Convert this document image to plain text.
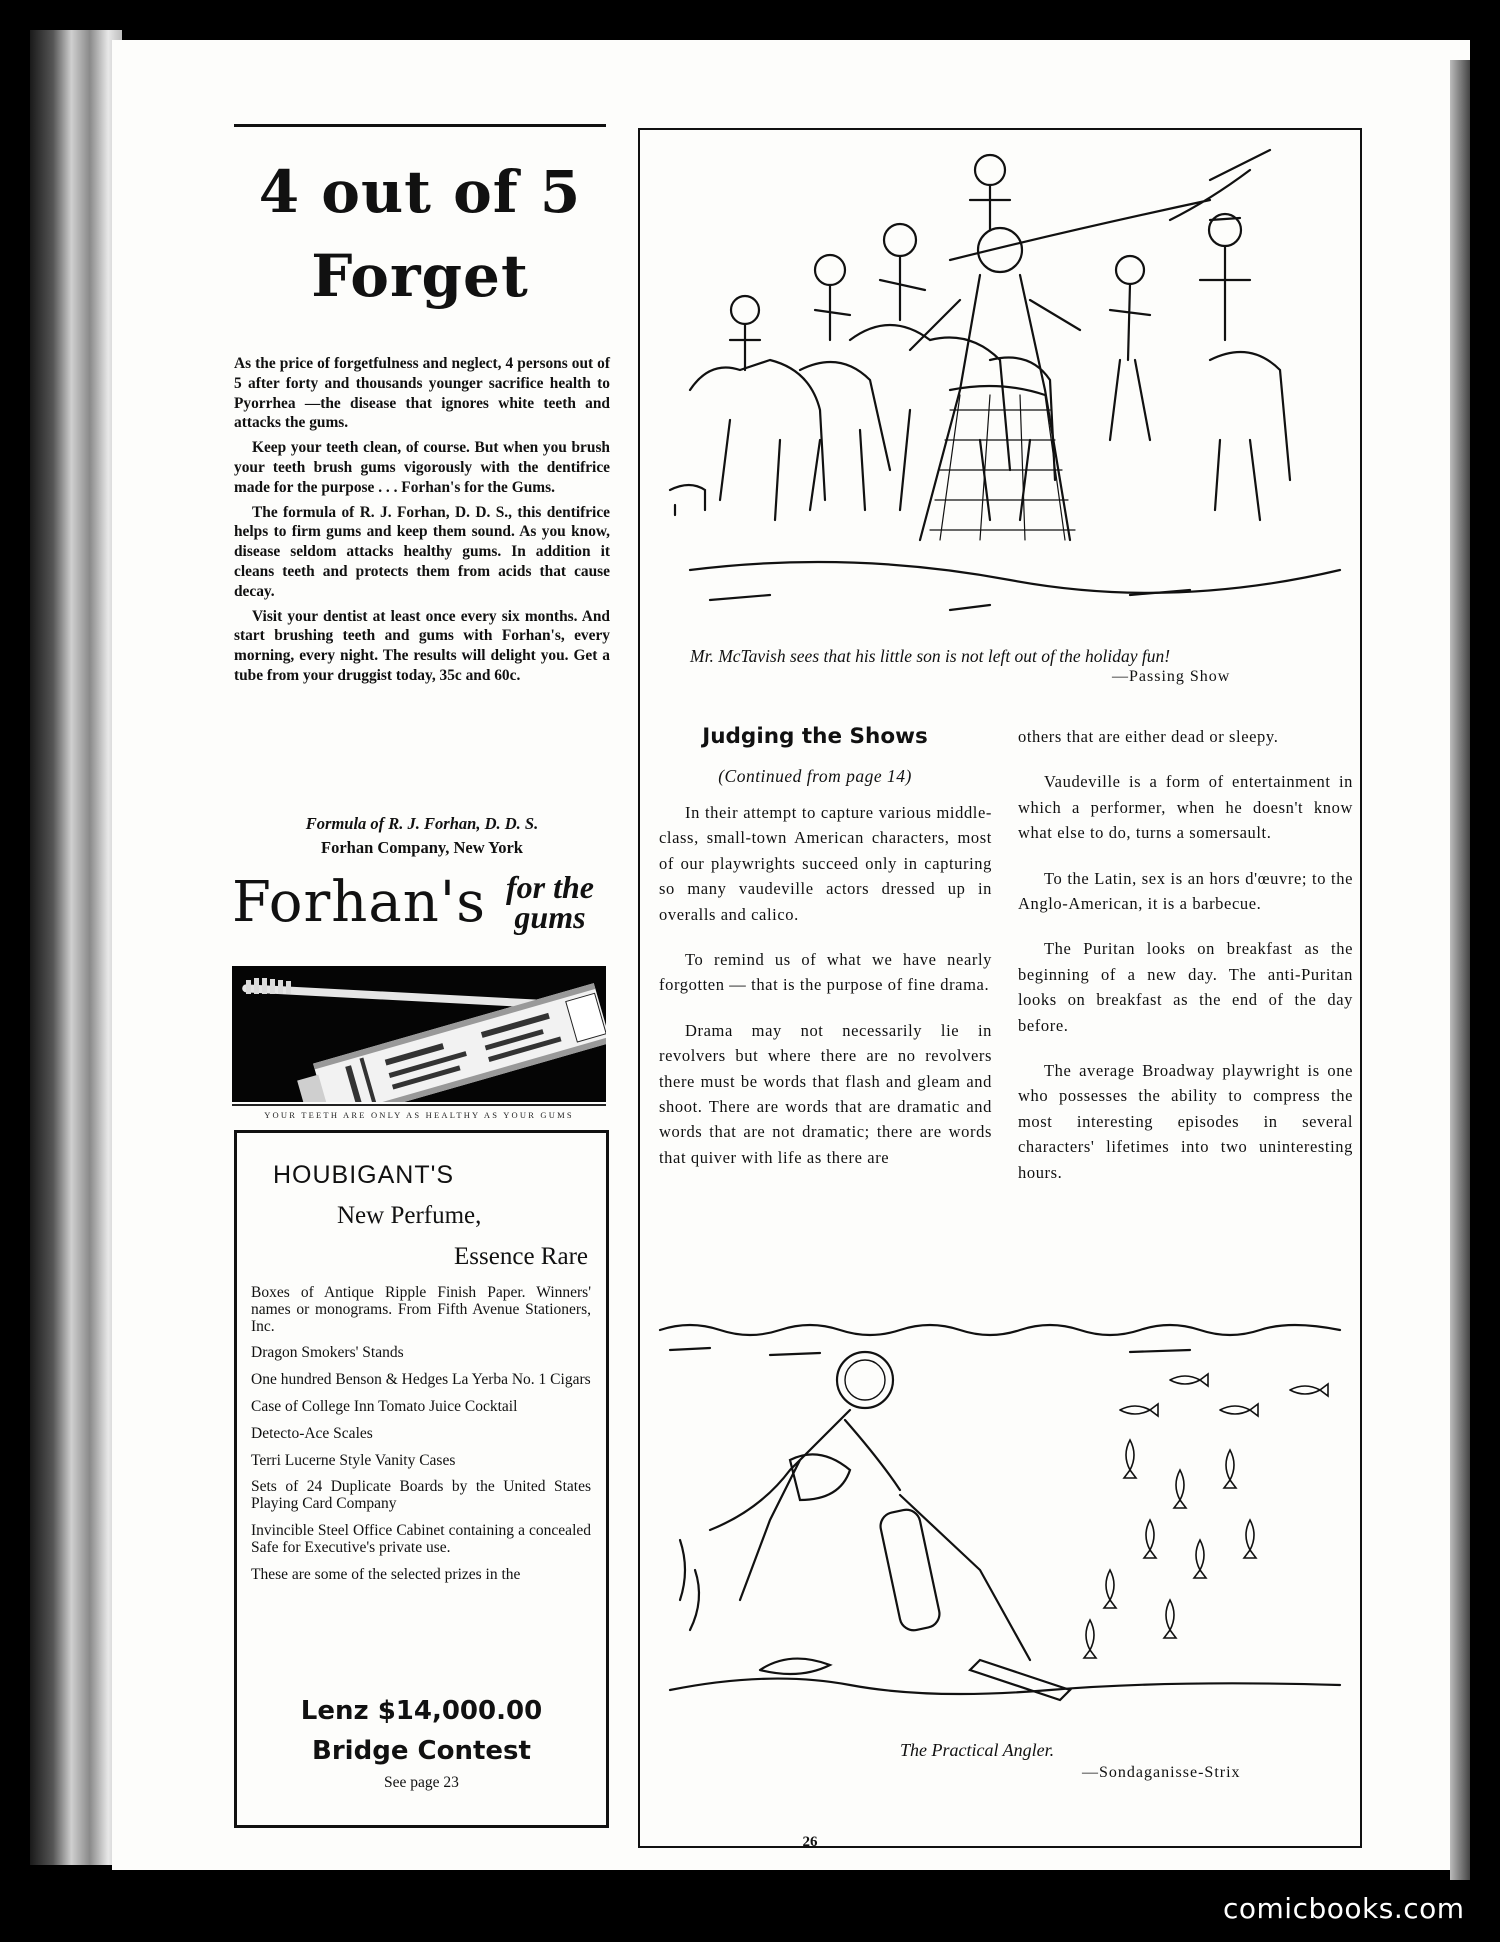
4 out of 5
Forget

As the price of forgetfulness and neglect, 4 persons out of 5 after forty and thousands younger sacrifice health to Pyorrhea —the disease that ignores white teeth and attacks the gums.

Keep your teeth clean, of course. But when you brush your teeth brush gums vigorously with the dentifrice made for the purpose . . . Forhan's for the Gums.

The formula of R. J. Forhan, D. D. S., this dentifrice helps to firm gums and keep them sound. As you know, disease seldom attacks healthy gums. In addition it cleans teeth and protects them from acids that cause decay.

Visit your dentist at least once every six months. And start brushing teeth and gums with Forhan's, every morning, every night. The results will delight you. Get a tube from your druggist today, 35c and 60c.

Formula of R. J. Forhan, D. D. S.
Forhan Company, New York
Forhan's for the gums
YOUR TEETH ARE ONLY AS HEALTHY AS YOUR GUMS
HOUBIGANT'S
New Perfume,
Essence Rare
Boxes of Antique Ripple Finish Paper. Winners' names or monograms. From Fifth Avenue Stationers, Inc.
Dragon Smokers' Stands
One hundred Benson & Hedges La Yerba No. 1 Cigars
Case of College Inn Tomato Juice Cocktail
Detecto-Ace Scales
Terri Lucerne Style Vanity Cases
Sets of 24 Duplicate Boards by the United States Playing Card Company
Invincible Steel Office Cabinet containing a concealed Safe for Executive's private use.
These are some of the selected prizes in the
Lenz $14,000.00
Bridge Contest
See page 23
Mr. McTavish sees that his little son is not left out of the holiday fun!
—Passing Show
Judging the Shows
(Continued from page 14)

In their attempt to capture various middle-class, small-town American characters, most of our playwrights succeed only in capturing so many vaudeville actors dressed up in overalls and calico.

To remind us of what we have nearly forgotten — that is the purpose of fine drama.

Drama may not necessarily lie in revolvers but where there are no revolvers there must be words that flash and gleam and shoot. There are words that are dramatic and words that are not dramatic; there are words that quiver with life as there are

others that are either dead or sleepy.

Vaudeville is a form of entertainment in which a performer, when he doesn't know what else to do, turns a somersault.

To the Latin, sex is an hors d'œuvre; to the Anglo-American, it is a barbecue.

The Puritan looks on breakfast as the beginning of a new day. The anti-Puritan looks on breakfast as the end of the day before.

The average Broadway playwright is one who possesses the ability to compress the most interesting episodes in several characters' lifetimes into two uninteresting hours.

The Practical Angler.
—Sondaganisse-Strix
26
comicbooks.com
